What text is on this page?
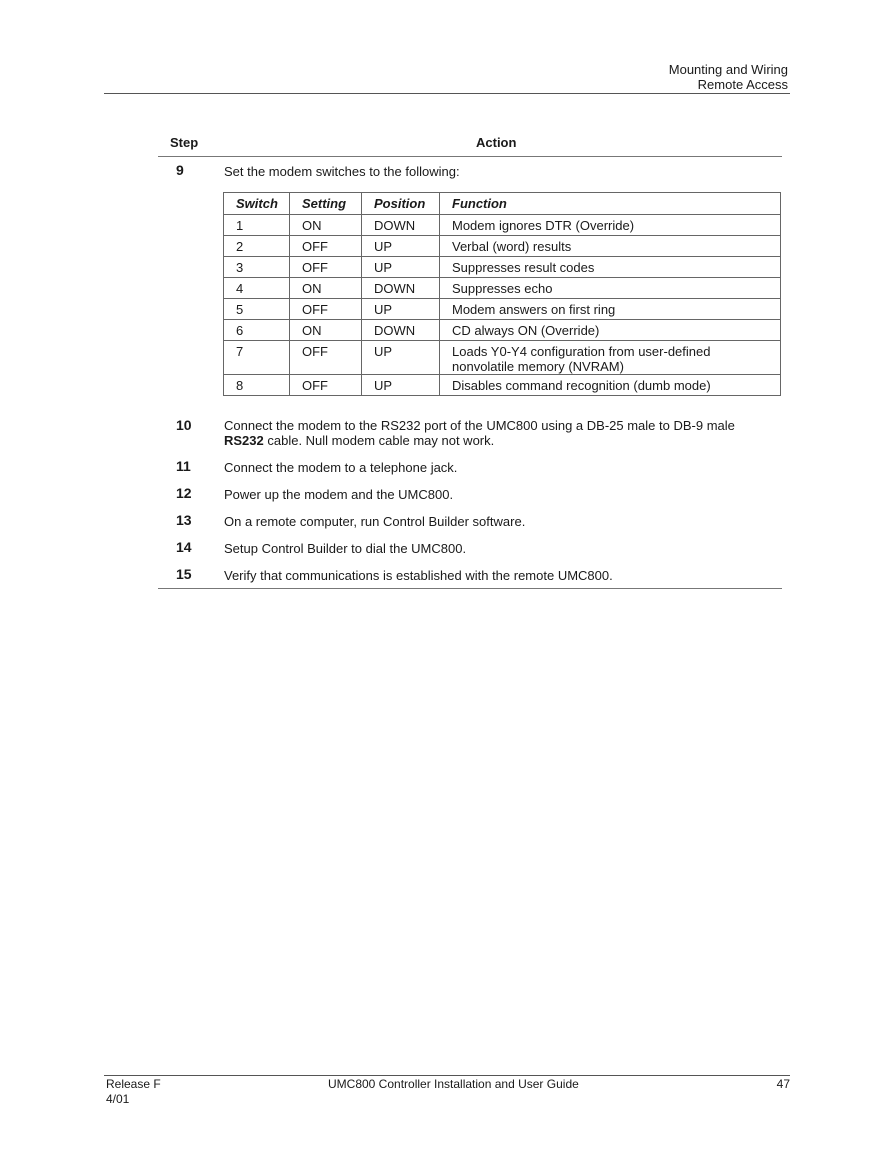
Mounting and Wiring
Remote Access
Step	Action
9	Set the modem switches to the following:
Switch	Setting	Position	Function
1	ON	DOWN	Modem ignores DTR (Override)
2	OFF	UP	Verbal (word) results
3	OFF	UP	Suppresses result codes
4	ON	DOWN	Suppresses echo
5	OFF	UP	Modem answers on first ring
6	ON	DOWN	CD always ON (Override)
7	OFF	UP	Loads Y0-Y4 configuration from user-defined nonvolatile memory (NVRAM)
8	OFF	UP	Disables command recognition (dumb mode)
10	Connect the modem to the RS232 port of the UMC800 using a DB-25 male to DB-9 male
RS232 cable. Null modem cable may not work.
11	Connect the modem to a telephone jack.
12	Power up the modem and the UMC800.
13	On a remote computer, run Control Builder software.
14	Setup Control Builder to dial the UMC800.
15	Verify that communications is established with the remote UMC800.
Release F
4/01
UMC800 Controller Installation and User Guide	47
